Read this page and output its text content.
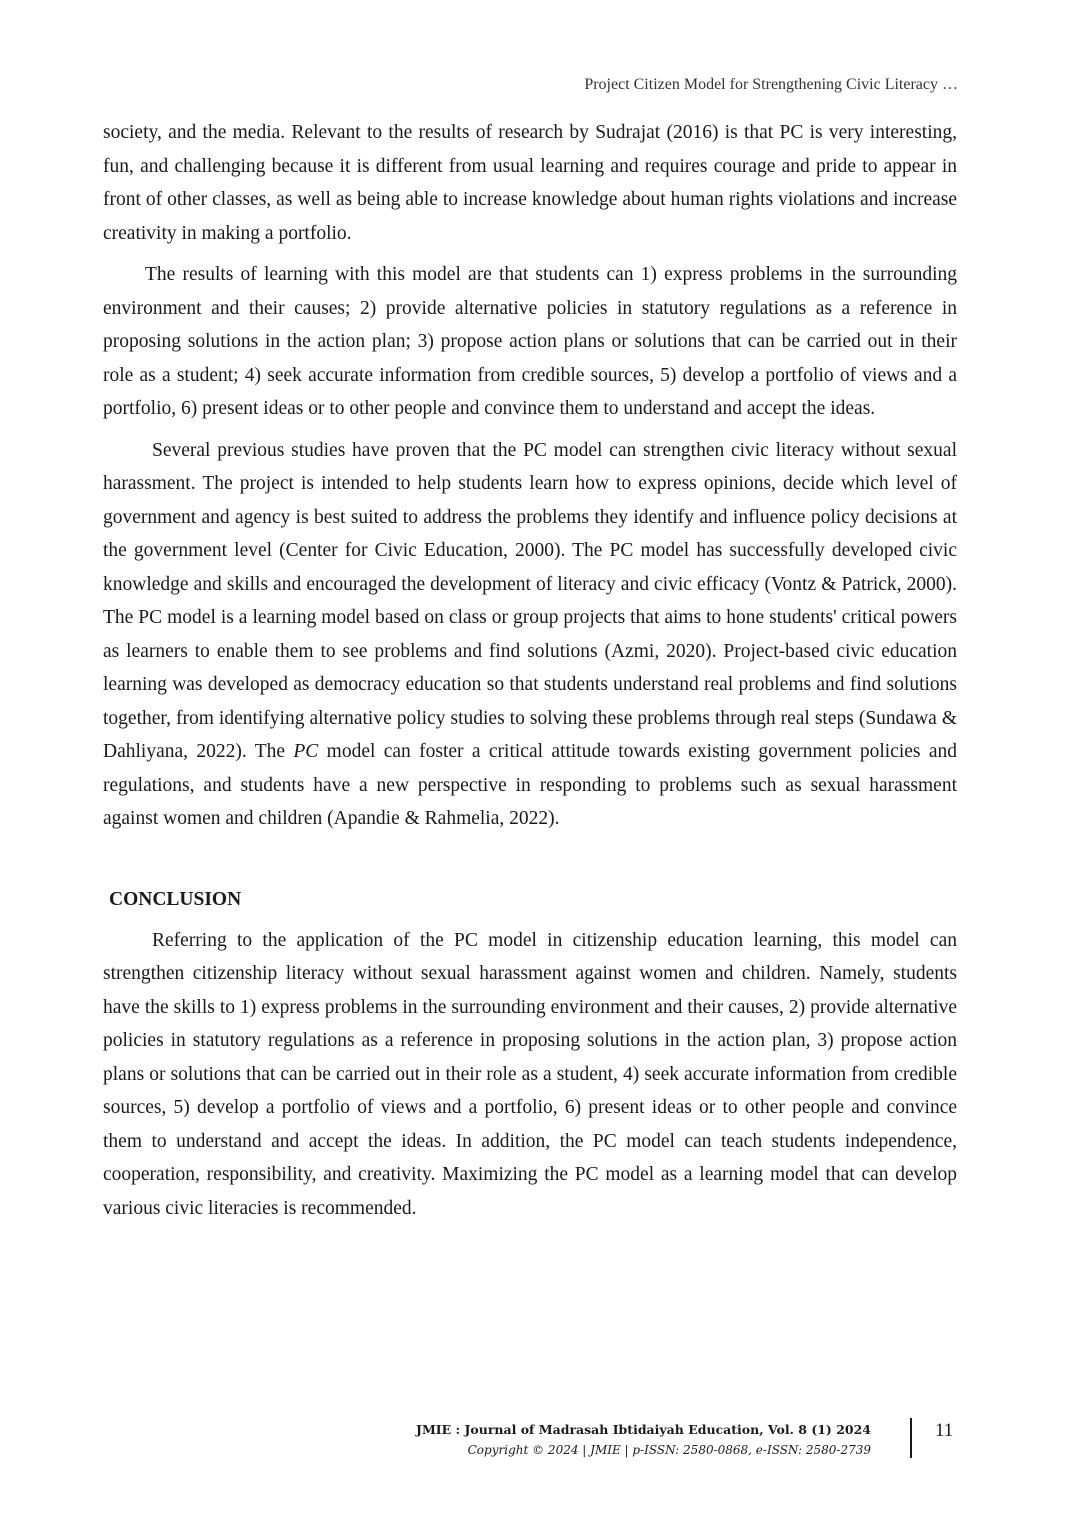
Project Citizen Model for Strengthening Civic Literacy …

society, and the media. Relevant to the results of research by Sudrajat (2016) is that PC is very interesting, fun, and challenging because it is different from usual learning and requires courage and pride to appear in front of other classes, as well as being able to increase knowledge about human rights violations and increase creativity in making a portfolio.

The results of learning with this model are that students can 1) express problems in the surrounding environment and their causes; 2) provide alternative policies in statutory regulations as a reference in proposing solutions in the action plan; 3) propose action plans or solutions that can be carried out in their role as a student; 4) seek accurate information from credible sources, 5) develop a portfolio of views and a portfolio, 6) present ideas or to other people and convince them to understand and accept the ideas.

Several previous studies have proven that the PC model can strengthen civic literacy without sexual harassment. The project is intended to help students learn how to express opinions, decide which level of government and agency is best suited to address the problems they identify and influence policy decisions at the government level (Center for Civic Education, 2000). The PC model has successfully developed civic knowledge and skills and encouraged the development of literacy and civic efficacy (Vontz & Patrick, 2000). The PC model is a learning model based on class or group projects that aims to hone students' critical powers as learners to enable them to see problems and find solutions (Azmi, 2020). Project-based civic education learning was developed as democracy education so that students understand real problems and find solutions together, from identifying alternative policy studies to solving these problems through real steps (Sundawa & Dahliyana, 2022). The PC model can foster a critical attitude towards existing government policies and regulations, and students have a new perspective in responding to problems such as sexual harassment against women and children (Apandie & Rahmelia, 2022).

CONCLUSION

Referring to the application of the PC model in citizenship education learning, this model can strengthen citizenship literacy without sexual harassment against women and children. Namely, students have the skills to 1) express problems in the surrounding environment and their causes, 2) provide alternative policies in statutory regulations as a reference in proposing solutions in the action plan, 3) propose action plans or solutions that can be carried out in their role as a student, 4) seek accurate information from credible sources, 5) develop a portfolio of views and a portfolio, 6) present ideas or to other people and convince them to understand and accept the ideas. In addition, the PC model can teach students independence, cooperation, responsibility, and creativity. Maximizing the PC model as a learning model that can develop various civic literacies is recommended.

JMIE : Journal of Madrasah Ibtidaiyah Education, Vol. 8 (1) 2024
Copyright © 2024 | JMIE | p-ISSN: 2580-0868, e-ISSN: 2580-2739
11
